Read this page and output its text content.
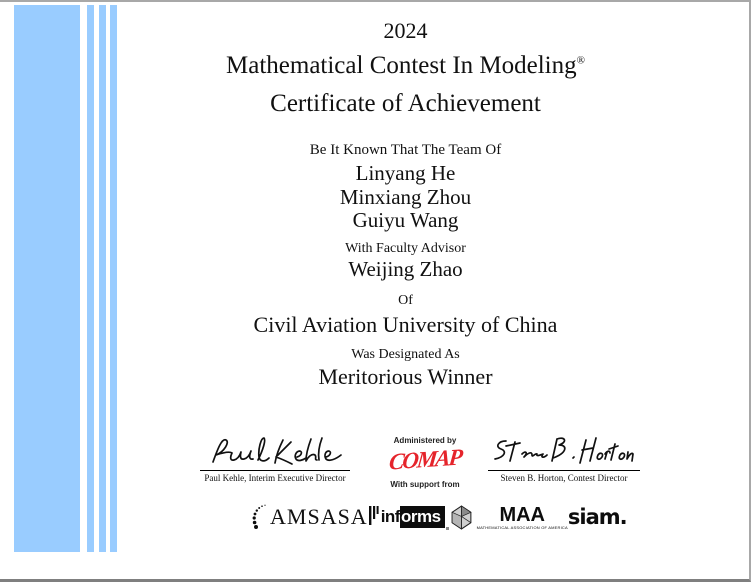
2024
Mathematical Contest In Modeling®
Certificate of Achievement
Be It Known That The Team Of
Linyang He
Minxiang Zhou
Guiyu Wang
With Faculty Advisor
Weijing Zhao
Of
Civil Aviation University of China
Was Designated As
Meritorious Winner
Paul Kehle, Interim Executive Director
Administered by
COMAP
With support from
Steven B. Horton, Contest Director
AMS ASA inf orms	MAA
MATHEMATICAL ASSOCIATION OF AMERICA siam.
